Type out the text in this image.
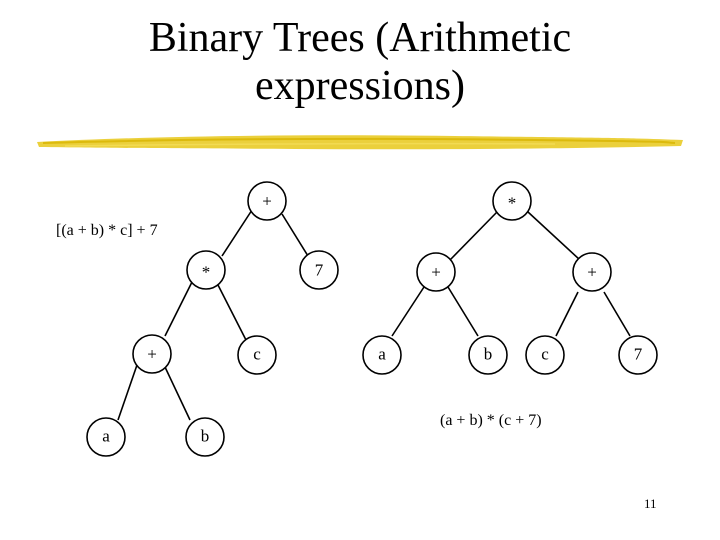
Binary Trees (Arithmetic
expressions)
[(a + b) * c] + 7
(a + b) * (c + 7)
+
*	7
+	c
a	b
*
+	+
a	b	c	7
11
